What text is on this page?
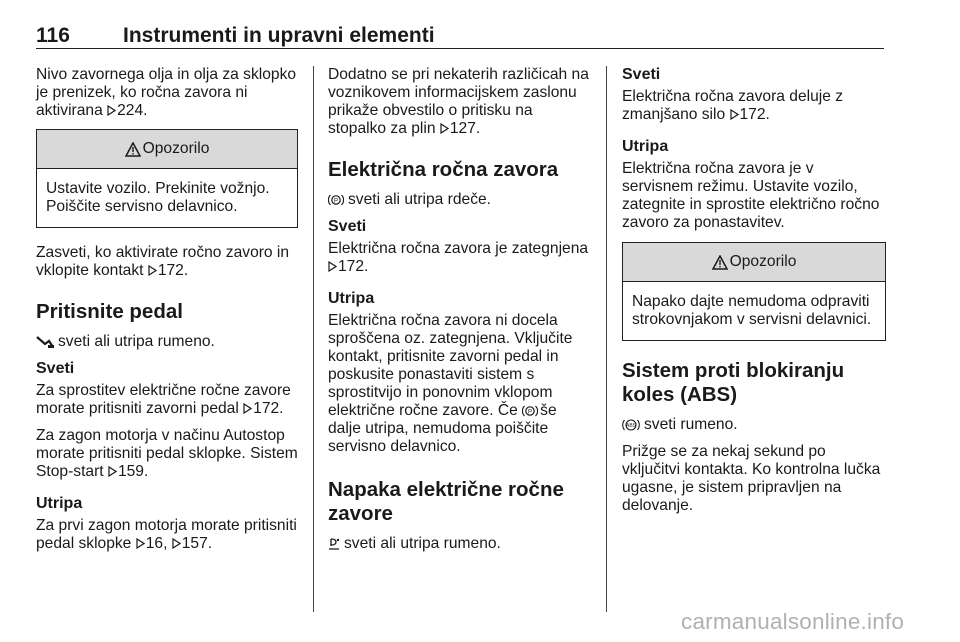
116	Instrumenti in upravni elementi

Nivo zavornega olja in olja za sklopko je prenizek, ko ročna zavora ni aktivirana 224.

Opozorilo
Ustavite vozilo. Prekinite vožnjo. Poiščite servisno delavnico.

Zasveti, ko aktivirate ročno zavoro in vklopite kontakt 172.

Pritisnite pedal

sveti ali utripa rumeno.

Sveti

Za sprostitev električne ročne zavore morate pritisniti zavorni pedal 172.

Za zagon motorja v načinu Autostop morate pritisniti pedal sklopke. Sistem Stop-start 159.

Utripa

Za prvi zagon motorja morate pritisniti pedal sklopke 16, 157.

Dodatno se pri nekaterih različicah na voznikovem informacijskem zaslonu prikaže obvestilo o pritisku na stopalko za plin 127.

Električna ročna zavora

P sveti ali utripa rdeče.

Sveti

Električna ročna zavora je zategnjena 172.

Utripa

Električna ročna zavora ni docela sproščena oz. zategnjena. Vključite kontakt, pritisnite zavorni pedal in poskusite ponastaviti sistem s sprostitvijo in ponovnim vklopom električne ročne zavore. Če P še dalje utripa, nemudoma poiščite servisno delavnico.

Napaka električne ročne zavore

sveti ali utripa rumeno.

Sveti

Električna ročna zavora deluje z zmanjšano silo 172.

Utripa

Električna ročna zavora je v servisnem režimu. Ustavite vozilo, zategnite in sprostite električno ročno zavoro za ponastavitev.

Opozorilo
Napako dajte nemudoma odpraviti strokovnjakom v servisni delavnici.
Sistem proti blokiranju koles (ABS)

ABS sveti rumeno.

Prižge se za nekaj sekund po vključitvi kontakta. Ko kontrolna lučka ugasne, je sistem pripravljen na delovanje.

carmanualsonline.info
